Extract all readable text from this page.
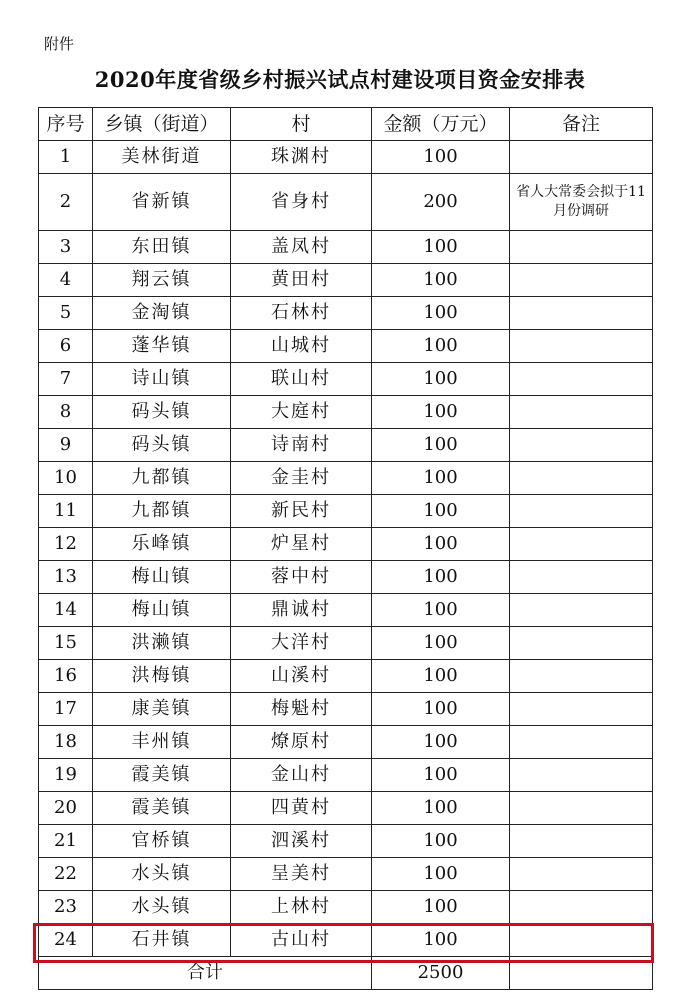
附件
2020年度省级乡村振兴试点村建设项目资金安排表
序号	乡镇（街道）	村	金额（万元）	备注
1	美林街道	珠渊村	100	
2	省新镇	省身村	200	省人大常委会拟于11月份调研
3	东田镇	盖凤村	100	
4	翔云镇	黄田村	100	
5	金淘镇	石林村	100	
6	蓬华镇	山城村	100	
7	诗山镇	联山村	100	
8	码头镇	大庭村	100	
9	码头镇	诗南村	100	
10	九都镇	金圭村	100	
11	九都镇	新民村	100	
12	乐峰镇	炉星村	100	
13	梅山镇	蓉中村	100	
14	梅山镇	鼎诚村	100	
15	洪濑镇	大洋村	100	
16	洪梅镇	山溪村	100	
17	康美镇	梅魁村	100	
18	丰州镇	燎原村	100	
19	霞美镇	金山村	100	
20	霞美镇	四黄村	100	
21	官桥镇	泗溪村	100	
22	水头镇	呈美村	100	
23	水头镇	上林村	100	
24	石井镇	古山村	100	
合计			2500	
